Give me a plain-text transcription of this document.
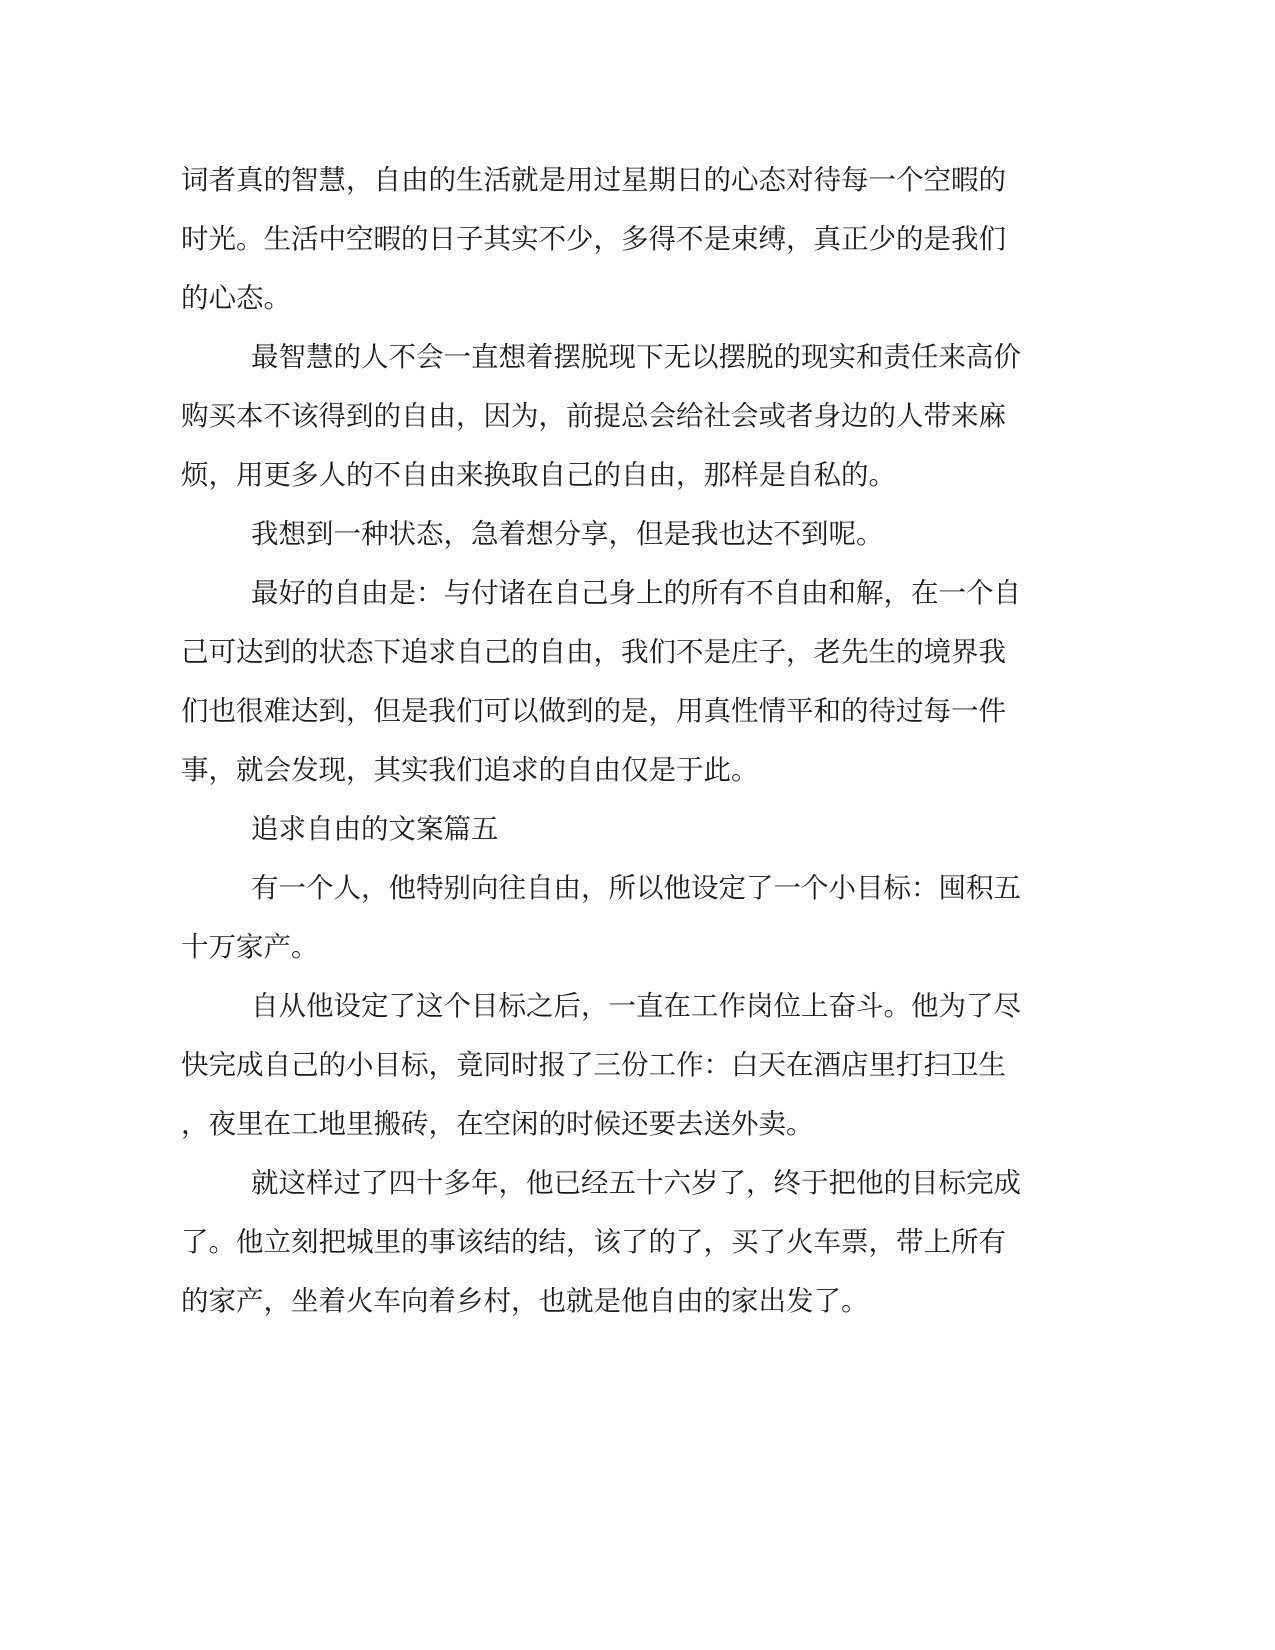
词者真的智慧，自由的生活就是用过星期日的心态对待每一个空暇的
时光。生活中空暇的日子其实不少，多得不是束缚，真正少的是我们
的心态。
最智慧的人不会一直想着摆脱现下无以摆脱的现实和责任来高价
购买本不该得到的自由，因为，前提总会给社会或者身边的人带来麻
烦，用更多人的不自由来换取自己的自由，那样是自私的。
我想到一种状态，急着想分享，但是我也达不到呢。
最好的自由是：与付诸在自己身上的所有不自由和解，在一个自
己可达到的状态下追求自己的自由，我们不是庄子，老先生的境界我
们也很难达到，但是我们可以做到的是，用真性情平和的待过每一件
事，就会发现，其实我们追求的自由仅是于此。
追求自由的文案篇五
有一个人，他特别向往自由，所以他设定了一个小目标：囤积五
十万家产。
自从他设定了这个目标之后，一直在工作岗位上奋斗。他为了尽
快完成自己的小目标，竟同时报了三份工作：白天在酒店里打扫卫生
，夜里在工地里搬砖，在空闲的时候还要去送外卖。
就这样过了四十多年，他已经五十六岁了，终于把他的目标完成
了。他立刻把城里的事该结的结，该了的了，买了火车票，带上所有
的家产，坐着火车向着乡村，也就是他自由的家出发了。
